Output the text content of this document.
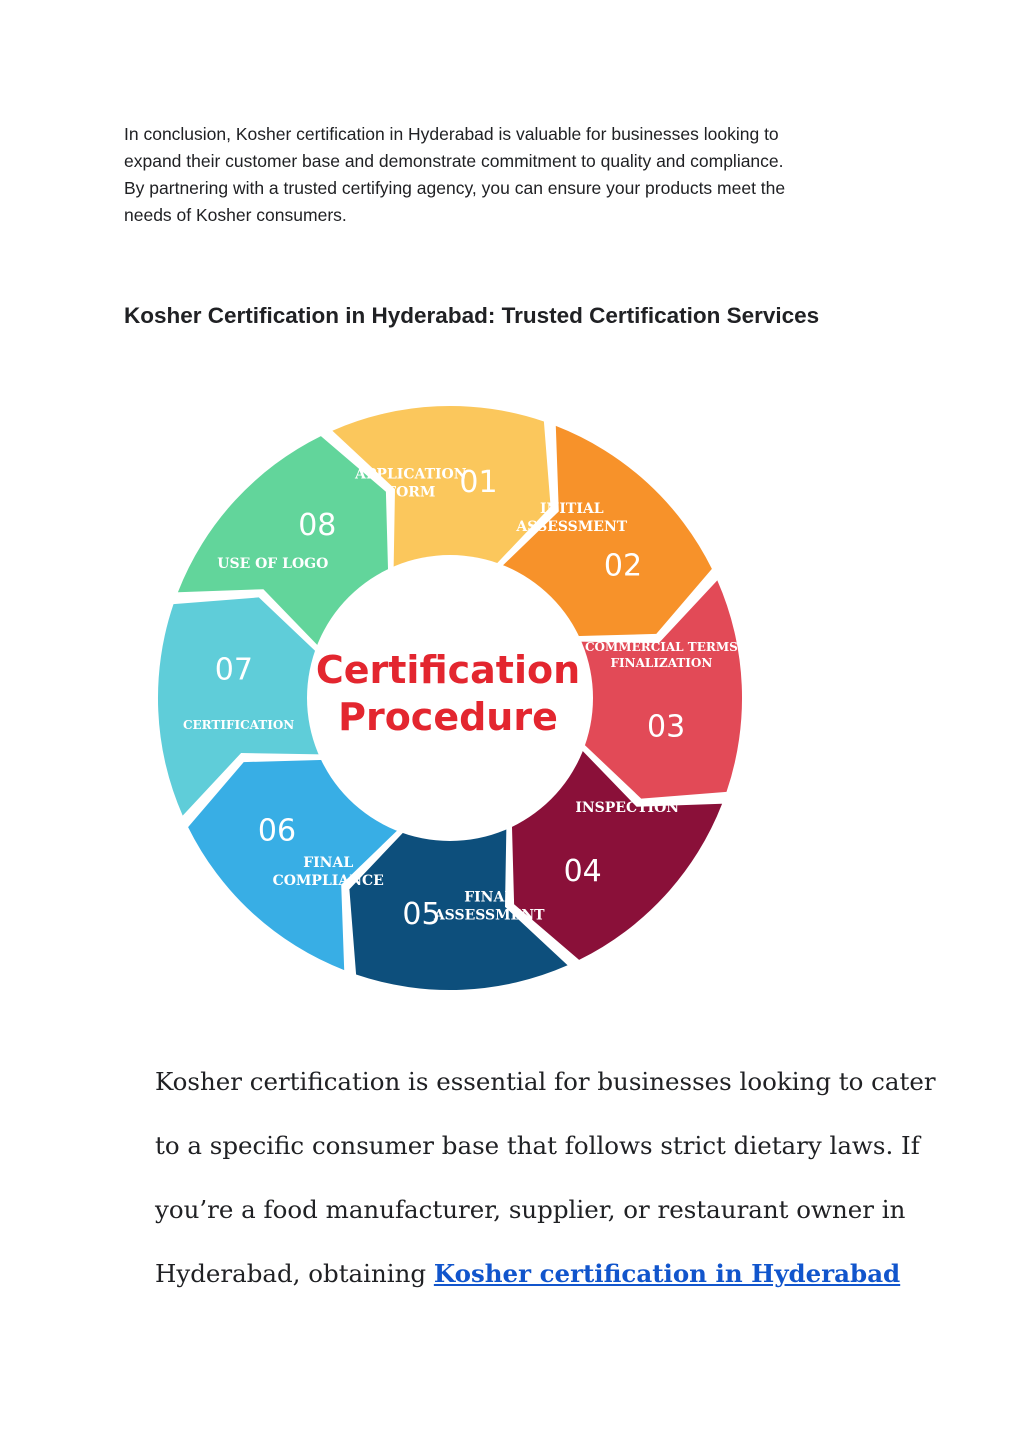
In conclusion, Kosher certification in Hyderabad is valuable for businesses looking to
expand their customer base and demonstrate commitment to quality and compliance.
By partnering with a trusted certifying agency, you can ensure your products meet the
needs of Kosher consumers.

Kosher Certification in Hyderabad: Trusted Certification Services
Certification
Procedure
01
APPLICATION
FORM
02
INITIAL
ASSESSMENT
03
COMMERCIAL TERMS
FINALIZATION
04
INSPECTION
05 FINAL
ASSESSMENT
06
FINAL
COMPLIANCE
07
CERTIFICATION
08
USE OF LOGO

Kosher certification is essential for businesses looking to cater
to a specific consumer base that follows strict dietary laws. If
you’re a food manufacturer, supplier, or restaurant owner in
Hyderabad, obtaining Kosher certification in Hyderabad
